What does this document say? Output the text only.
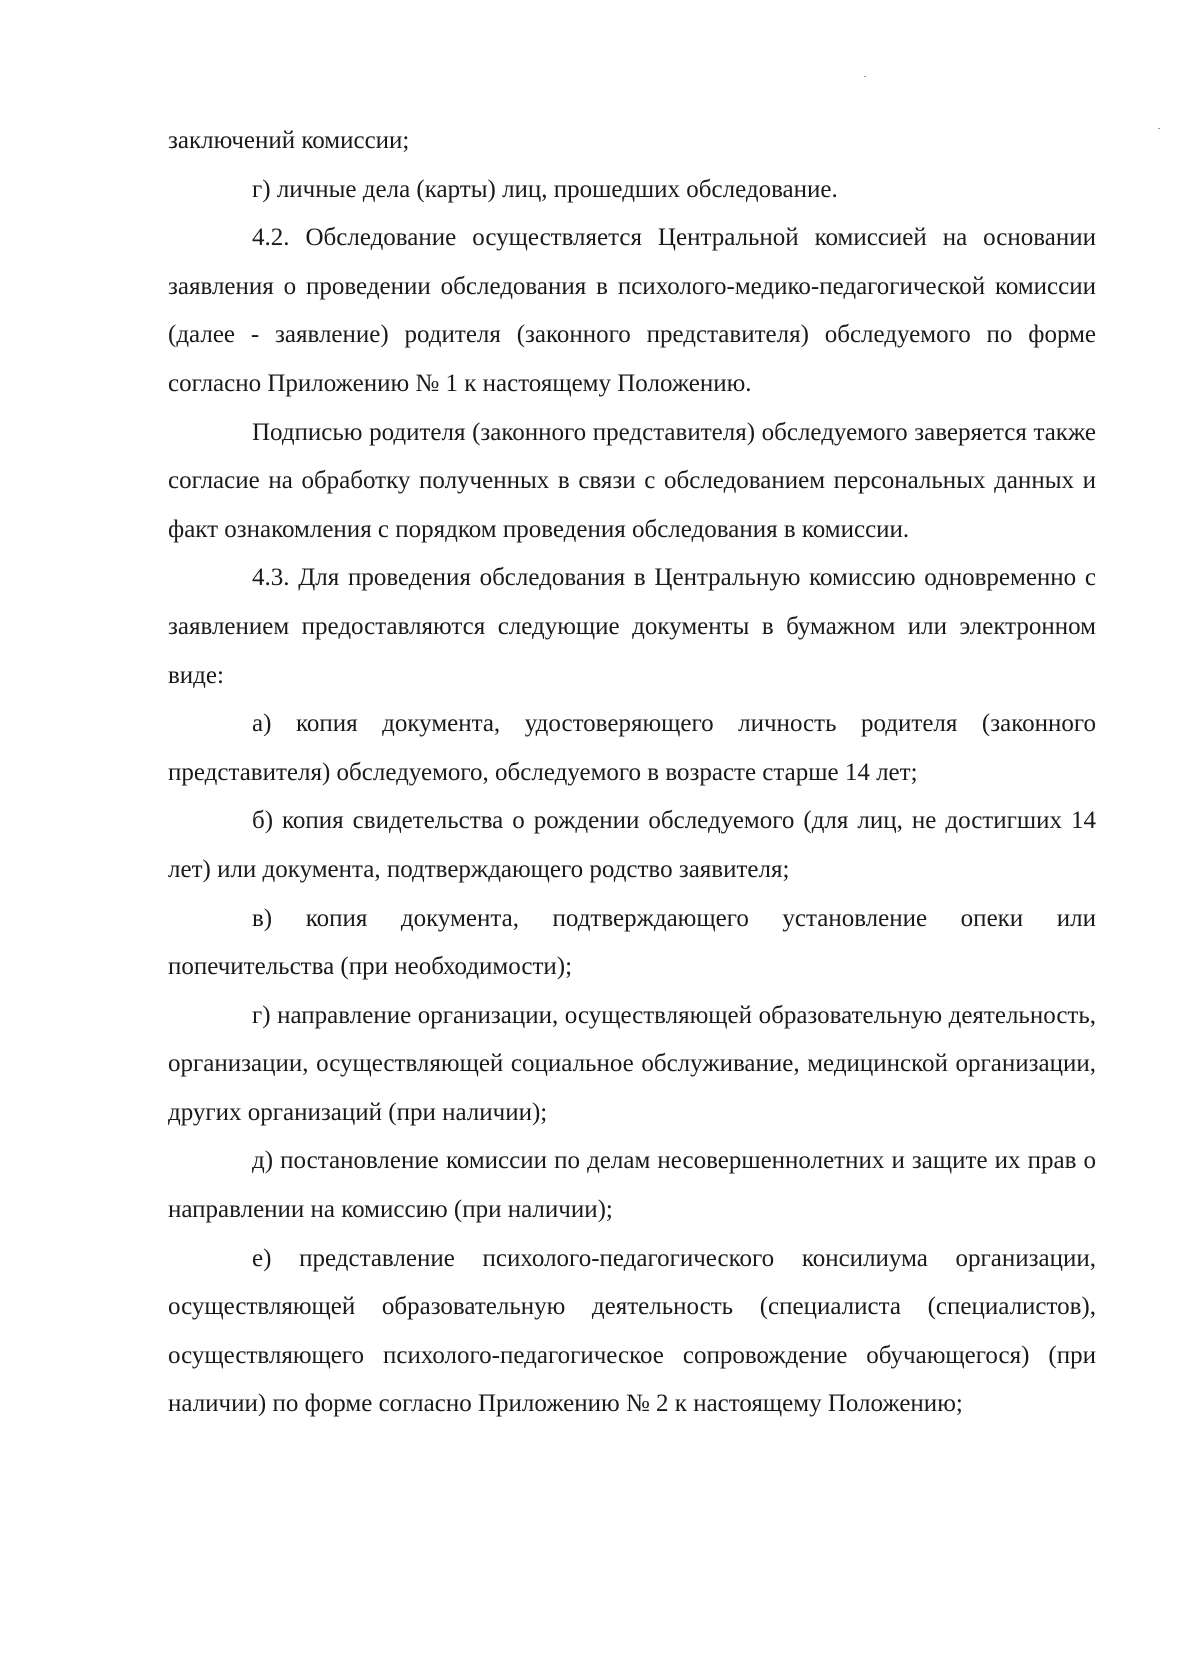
заключений комиссии;

г) личные дела (карты) лиц, прошедших обследование.

4.2. Обследование осуществляется Центральной комиссией на основании заявления о проведении обследования в психолого-медико-педагогической комиссии (далее - заявление) родителя (законного представителя) обследуемого по форме согласно Приложению № 1 к настоящему Положению.

Подписью родителя (законного представителя) обследуемого заверяется также согласие на обработку полученных в связи с обследованием персональных данных и факт ознакомления с порядком проведения обследования в комиссии.

4.3. Для проведения обследования в Центральную комиссию одновременно с заявлением предоставляются следующие документы в бумажном или электронном виде:

а) копия документа, удостоверяющего личность родителя (законного представителя) обследуемого, обследуемого в возрасте старше 14 лет;

б) копия свидетельства о рождении обследуемого (для лиц, не достигших 14 лет) или документа, подтверждающего родство заявителя;

в) копия документа, подтверждающего установление опеки или попечительства (при необходимости);

г) направление организации, осуществляющей образовательную деятельность, организации, осуществляющей социальное обслуживание, медицинской организации, других организаций (при наличии);

д) постановление комиссии по делам несовершеннолетних и защите их прав о направлении на комиссию (при наличии);

е) представление психолого-педагогического консилиума организации, осуществляющей образовательную деятельность (специалиста (специалистов), осуществляющего психолого-педагогическое сопровождение обучающегося) (при наличии) по форме согласно Приложению № 2 к настоящему Положению;
